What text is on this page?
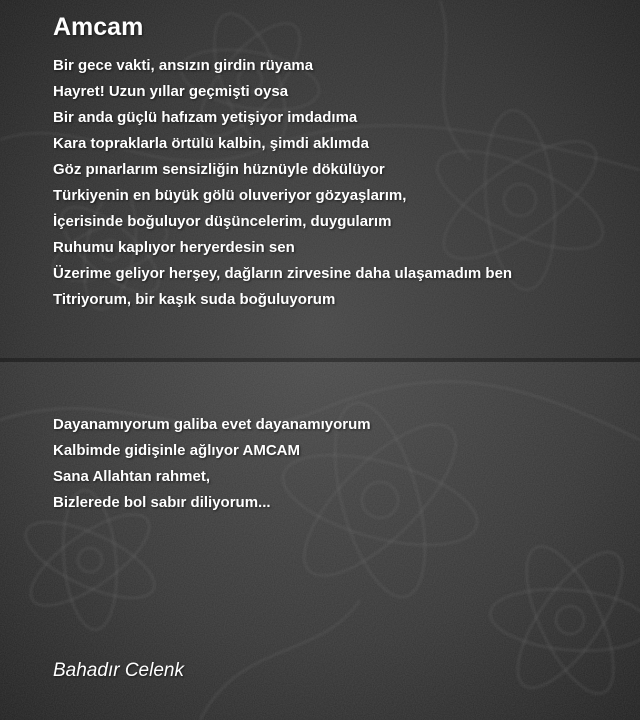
Amcam
Bir gece vakti, ansızın girdin rüyama
Hayret! Uzun yıllar geçmişti oysa
Bir anda güçlü hafızam yetişiyor imdadıma
Kara topraklarla örtülü kalbin, şimdi aklımda
Göz pınarlarım sensizliğin hüznüyle dökülüyor
Türkiyenin en büyük gölü oluveriyor gözyaşlarım,
İçerisinde boğuluyor düşüncelerim, duygularım
Ruhumu kaplıyor heryerdesin sen
Üzerime geliyor herşey, dağların zirvesine daha ulaşamadım ben
Titriyorum, bir kaşık suda boğuluyorum
Dayanamıyorum galiba evet dayanamıyorum
Kalbimde gidişinle ağlıyor AMCAM
Sana Allahtan rahmet,
Bizlerede bol sabır diliyorum...
Bahadır Celenk
